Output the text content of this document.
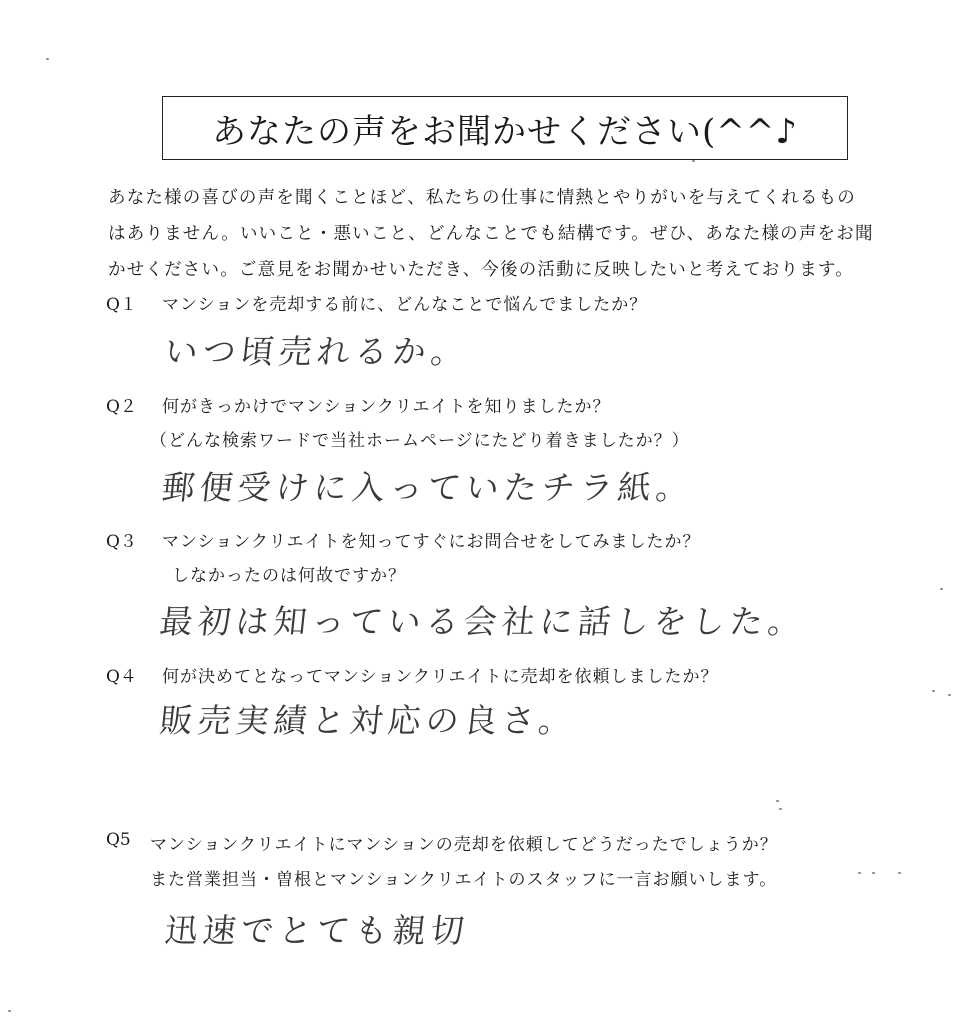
あなたの声をお聞かせください(^^♪
あなた様の喜びの声を聞くことほど、私たちの仕事に情熱とやりがいを与えてくれるもの
はありません。いいこと・悪いこと、どんなことでも結構です。ぜひ、あなた様の声をお聞
かせください。ご意見をお聞かせいただき、今後の活動に反映したいと考えております。
Q１ マンションを売却する前に、どんなことで悩んでましたか？
いつ頃売れるか。
Q２ 何がきっかけでマンションクリエイトを知りましたか？
（どんな検索ワードで当社ホームページにたどり着きましたか？）
郵便受けに入っていたチラ紙。
Q３ マンションクリエイトを知ってすぐにお問合せをしてみましたか？
しなかったのは何故ですか？
最初は知っている会社に話しをした。
Q４ 何が決めてとなってマンションクリエイトに売却を依頼しましたか？
販売実績と対応の良さ。
Q5 マンションクリエイトにマンションの売却を依頼してどうだったでしょうか？
また営業担当・曽根とマンションクリエイトのスタッフに一言お願いします。
迅速でとても親切
